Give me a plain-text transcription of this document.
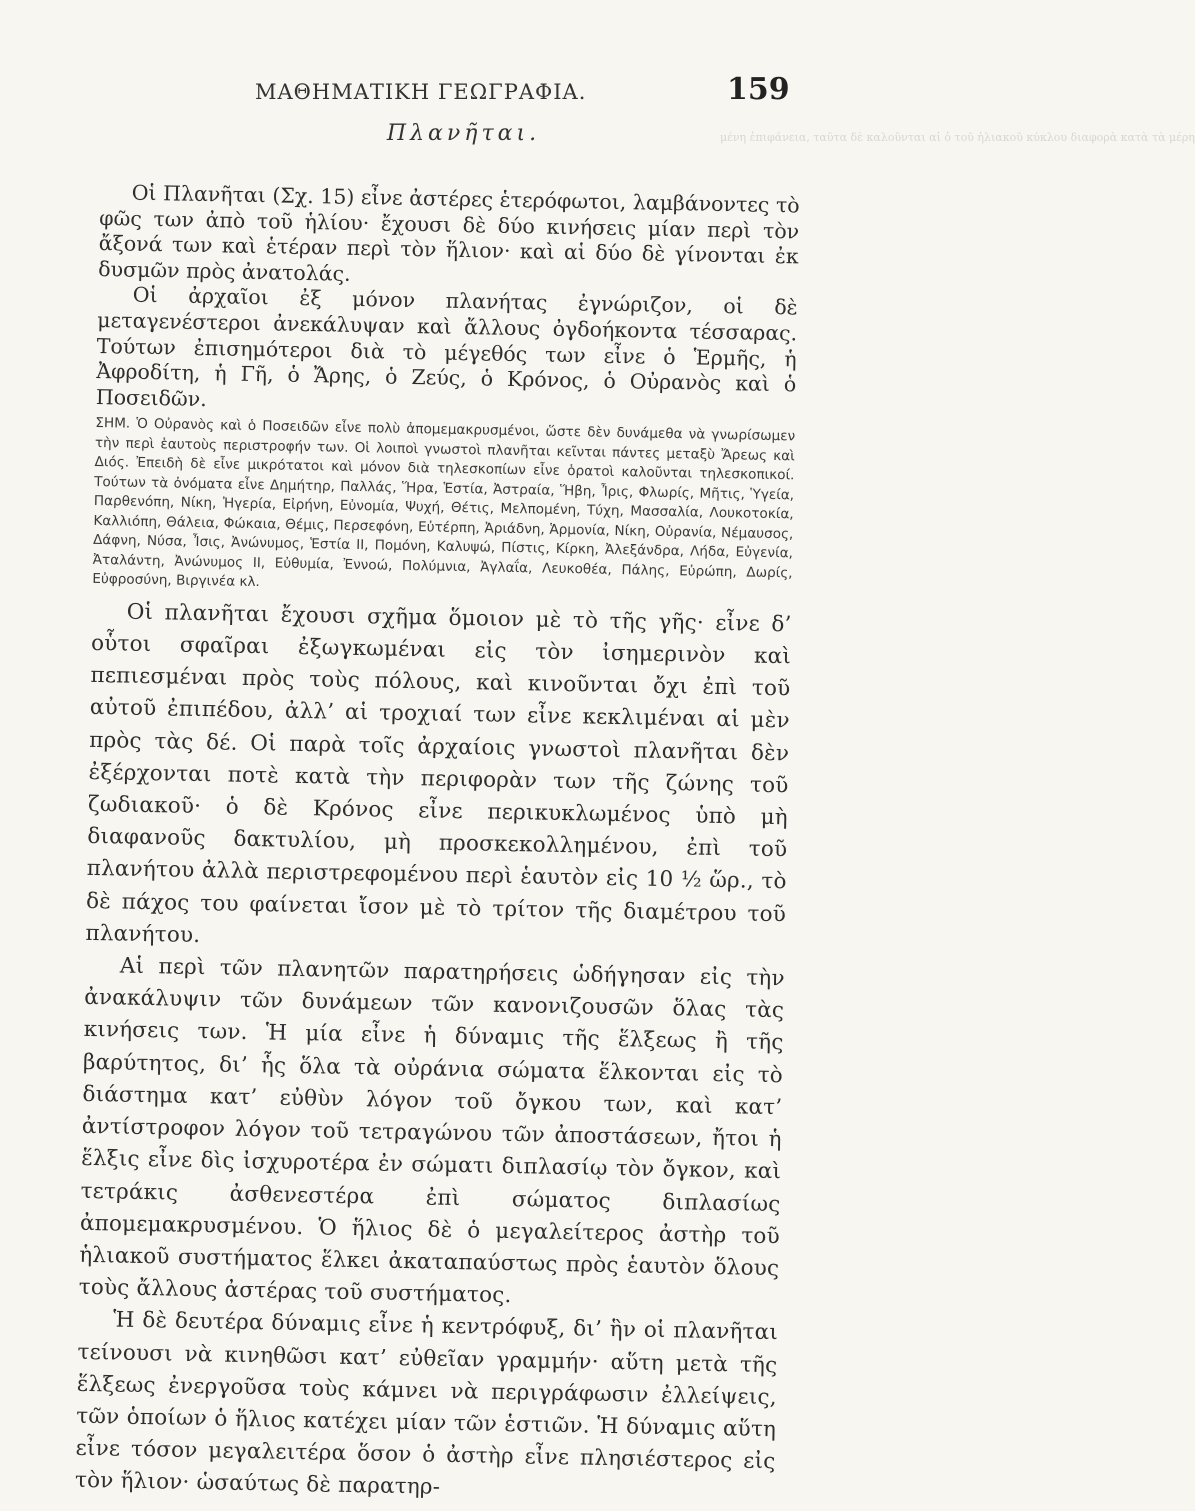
μένη ἐπιφάνεια, ταῦτα δὲ καλοῦνται αἱ ὁ τοῦ ἡλιακοῦ κύκλου διαφορὰ κατὰ τὰ μέρη
ΜΑΘΗΜΑΤΙΚΗ ΓΕΩΓΡΑΦΙΑ.	159
Πλανῆται.

Οἱ Πλανῆται (Σχ. 15) εἶνε ἀστέρες ἑτερόφωτοι, λαμβάνοντες τὸ φῶς των ἀπὸ τοῦ ἡλίου· ἔχουσι δὲ δύο κινήσεις μίαν περὶ τὸν ἄξονά των καὶ ἑτέραν περὶ τὸν ἥλιον· καὶ αἱ δύο δὲ γίνονται ἐκ δυσμῶν πρὸς ἀνατολάς.

Οἱ ἀρχαῖοι ἐξ μόνον πλανήτας ἐγνώριζον, οἱ δὲ μεταγενέστεροι ἀνεκάλυψαν καὶ ἄλλους ὀγδοήκοντα τέσσαρας. Τούτων ἐπισημότεροι διὰ τὸ μέγεθός των εἶνε ὁ Ἑρμῆς, ἡ Ἀφροδίτη, ἡ Γῆ, ὁ Ἄρης, ὁ Ζεύς, ὁ Κρόνος, ὁ Οὐρανὸς καὶ ὁ Ποσειδῶν.

ΣΗΜ. Ὁ Οὐρανὸς καὶ ὁ Ποσειδῶν εἶνε πολὺ ἀπομεμακρυσμένοι, ὥστε δὲν δυνάμεθα νὰ γνωρίσωμεν τὴν περὶ ἑαυτοὺς περιστροφήν των. Οἱ λοιποὶ γνωστοὶ πλανῆται κεῖνται πάντες μεταξὺ Ἄρεως καὶ Διός. Ἐπειδὴ δὲ εἶνε μικρότατοι καὶ μόνον διὰ τηλεσκοπίων εἶνε ὁρατοὶ καλοῦνται τηλεσκοπικοί. Τούτων τὰ ὀνόματα εἶνε Δημήτηρ, Παλλάς, Ἥρα, Ἑστία, Ἀστραία, Ἥβη, Ἶρις, Φλωρίς, Μῆτις, Ὑγεία, Παρθενόπη, Νίκη, Ἠγερία, Εἰρήνη, Εὐνομία, Ψυχή, Θέτις, Μελπομένη, Τύχη, Μασσαλία, Λουκοτοκία, Καλλιόπη, Θάλεια, Φώκαια, Θέμις, Περσεφόνη, Εὐτέρπη, Ἀριάδνη, Ἁρμονία, Νίκη, Οὐρανία, Νέμαυσος, Δάφνη, Νύσα, Ἶσις, Ἀνώνυμος, Ἑστία ΙΙ, Πομόνη, Καλυψώ, Πίστις, Κίρκη, Ἀλεξάνδρα, Λήδα, Εὐγενία, Ἀταλάντη, Ἀνώνυμος ΙΙ, Εὐθυμία, Ἐννοώ, Πολύμνια, Ἀγλαΐα, Λευκοθέα, Πάλης, Εὐρώπη, Δωρίς, Εὐφροσύνη, Βιργινέα κλ.

Οἱ πλανῆται ἔχουσι σχῆμα ὅμοιον μὲ τὸ τῆς γῆς· εἶνε δ’ οὗτοι σφαῖραι ἐξωγκωμέναι εἰς τὸν ἰσημερινὸν καὶ πεπιεσμέναι πρὸς τοὺς πόλους, καὶ κινοῦνται ὄχι ἐπὶ τοῦ αὐτοῦ ἐπιπέδου, ἀλλ’ αἱ τροχιαί των εἶνε κεκλιμέναι αἱ μὲν πρὸς τὰς δέ. Οἱ παρὰ τοῖς ἀρχαίοις γνωστοὶ πλανῆται δὲν ἐξέρχονται ποτὲ κατὰ τὴν περιφορὰν των τῆς ζώνης τοῦ ζωδιακοῦ· ὁ δὲ Κρόνος εἶνε περικυκλωμένος ὑπὸ μὴ διαφανοῦς δακτυλίου, μὴ προσκεκολλημένου, ἐπὶ τοῦ πλανήτου ἀλλὰ περιστρεφομένου περὶ ἑαυτὸν εἰς 10 ½ ὥρ., τὸ δὲ πάχος του φαίνεται ἴσον μὲ τὸ τρίτον τῆς διαμέτρου τοῦ πλανήτου.

Αἱ περὶ τῶν πλανητῶν παρατηρήσεις ὡδήγησαν εἰς τὴν ἀνακάλυψιν τῶν δυνάμεων τῶν κανονιζουσῶν ὅλας τὰς κινήσεις των. Ἡ μία εἶνε ἡ δύναμις τῆς ἕλξεως ἢ τῆς βαρύτητος, δι’ ἧς ὅλα τὰ οὐράνια σώματα ἕλκονται εἰς τὸ διάστημα κατ’ εὐθὺν λόγον τοῦ ὄγκου των, καὶ κατ’ ἀντίστροφον λόγον τοῦ τετραγώνου τῶν ἀποστάσεων, ἤτοι ἡ ἕλξις εἶνε δὶς ἰσχυροτέρα ἐν σώματι διπλασίῳ τὸν ὄγκον, καὶ τετράκις ἀσθενεστέρα ἐπὶ σώματος διπλασίως ἀπομεμακρυσμένου. Ὁ ἥλιος δὲ ὁ μεγαλείτερος ἀστὴρ τοῦ ἡλιακοῦ συστήματος ἕλκει ἀκαταπαύστως πρὸς ἑαυτὸν ὅλους τοὺς ἄλλους ἀστέρας τοῦ συστήματος.

Ἡ δὲ δευτέρα δύναμις εἶνε ἡ κεντρόφυξ, δι’ ἣν οἱ πλανῆται τείνουσι νὰ κινηθῶσι κατ’ εὐθεῖαν γραμμήν· αὕτη μετὰ τῆς ἕλξεως ἐνεργοῦσα τοὺς κάμνει νὰ περιγράφωσιν ἐλλείψεις, τῶν ὁποίων ὁ ἥλιος κατέχει μίαν τῶν ἑστιῶν. Ἡ δύναμις αὕτη εἶνε τόσον μεγαλειτέρα ὅσον ὁ ἀστὴρ εἶνε πλησιέστερος εἰς τὸν ἥλιον· ὡσαύτως δὲ παρατηρ-
